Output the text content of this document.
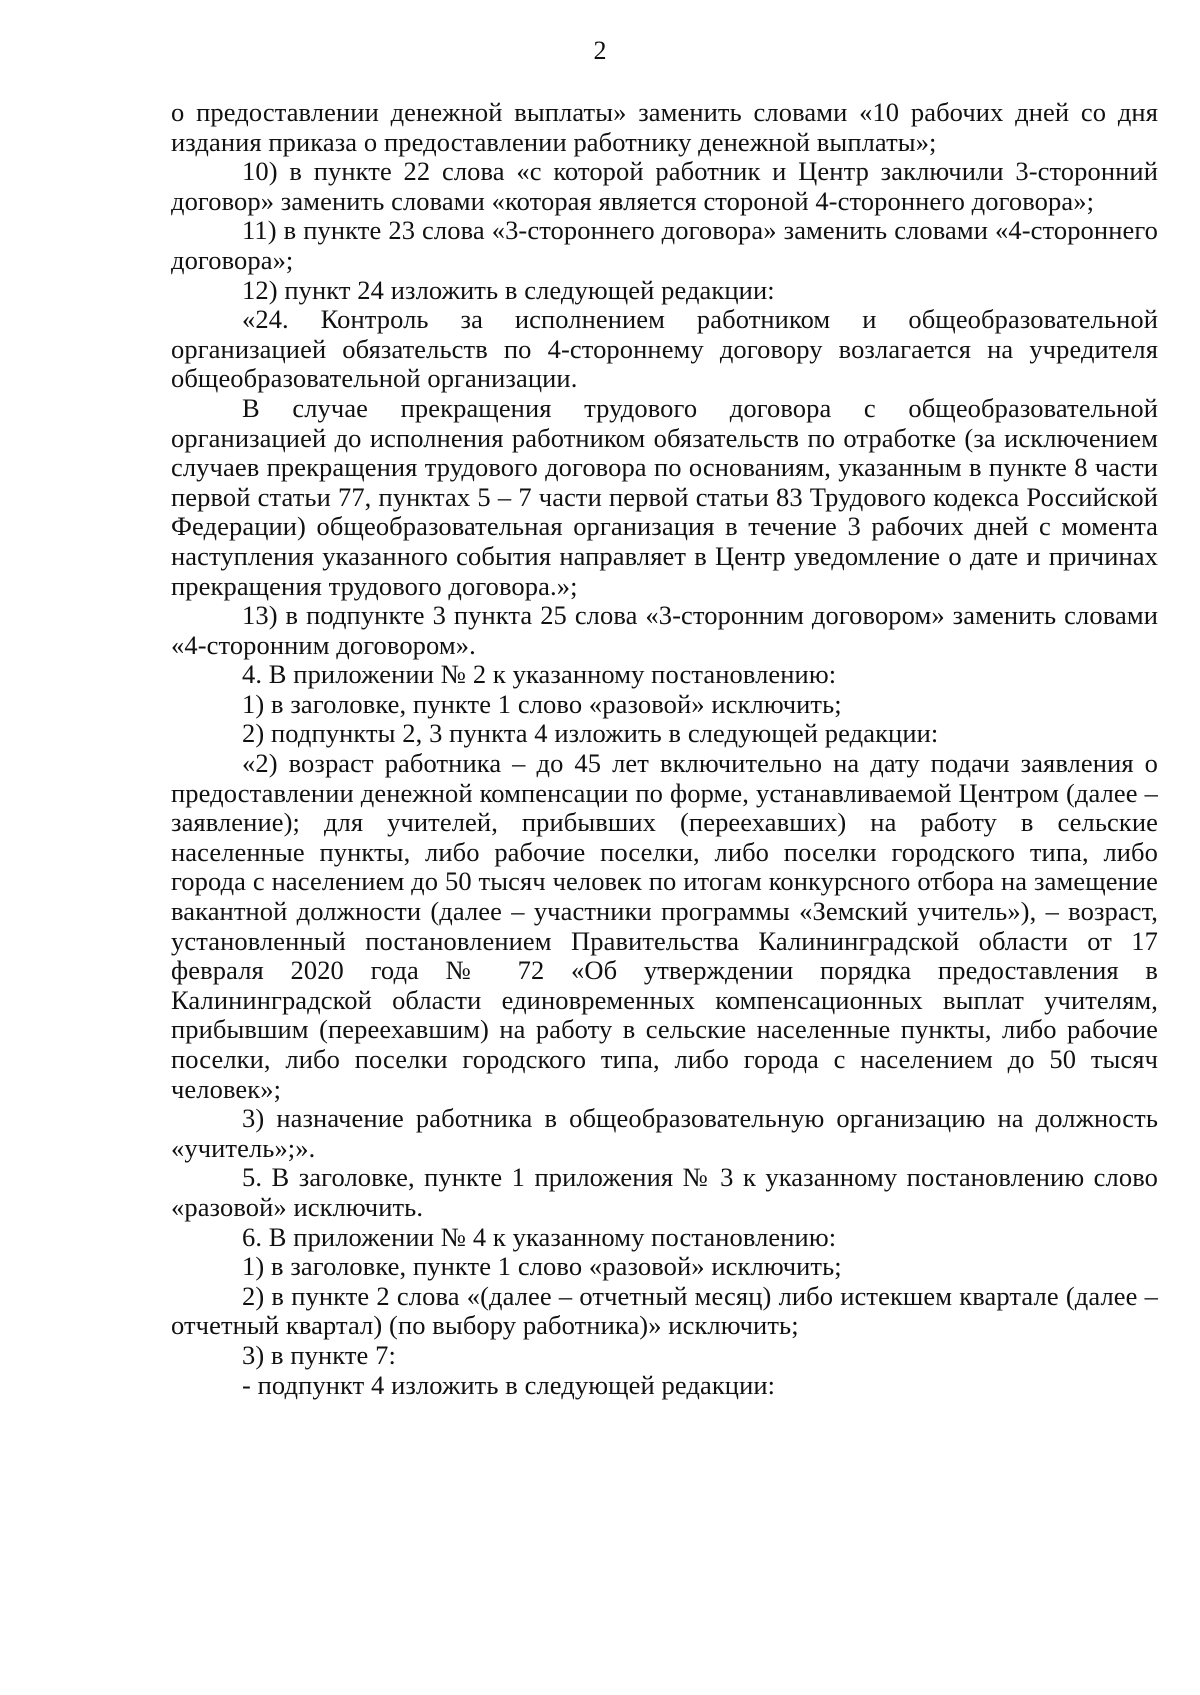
2

о предоставлении денежной выплаты» заменить словами «10 рабочих дней со дня издания приказа о предоставлении работнику денежной выплаты»;

10) в пункте 22 слова «с которой работник и Центр заключили 3-сторонний договор» заменить словами «которая является стороной 4-стороннего договора»;

11) в пункте 23 слова «3-стороннего договора» заменить словами «4-стороннего договора»;

12) пункт 24 изложить в следующей редакции:

«24. Контроль за исполнением работником и общеобразовательной организацией обязательств по 4-стороннему договору возлагается на учредителя общеобразовательной организации.

В случае прекращения трудового договора с общеобразовательной организацией до исполнения работником обязательств по отработке (за исключением случаев прекращения трудового договора по основаниям, указанным в пункте 8 части первой статьи 77, пунктах 5 – 7 части первой статьи 83 Трудового кодекса Российской Федерации) общеобразовательная организация в течение 3 рабочих дней с момента наступления указанного события направляет в Центр уведомление о дате и причинах прекращения трудового договора.»;

13) в подпункте 3 пункта 25 слова «3-сторонним договором» заменить словами «4-сторонним договором».

4. В приложении № 2 к указанному постановлению:

1) в заголовке, пункте 1 слово «разовой» исключить;

2) подпункты 2, 3 пункта 4 изложить в следующей редакции:

«2) возраст работника – до 45 лет включительно на дату подачи заявления о предоставлении денежной компенсации по форме, устанавливаемой Центром (далее – заявление); для учителей, прибывших (переехавших) на работу в сельские населенные пункты, либо рабочие поселки, либо поселки городского типа, либо города с населением до 50 тысяч человек по итогам конкурсного отбора на замещение вакантной должности (далее – участники программы «Земский учитель»), – возраст, установленный постановлением Правительства Калининградской области от 17 февраля 2020 года № 72 «Об утверждении порядка предоставления в Калининградской области единовременных компенсационных выплат учителям, прибывшим (переехавшим) на работу в сельские населенные пункты, либо рабочие поселки, либо поселки городского типа, либо города с населением до 50 тысяч человек»;

3) назначение работника в общеобразовательную организацию на должность «учитель»;».

5. В заголовке, пункте 1 приложения № 3 к указанному постановлению слово «разовой» исключить.

6. В приложении № 4 к указанному постановлению:

1) в заголовке, пункте 1 слово «разовой» исключить;

2) в пункте 2 слова «(далее – отчетный месяц) либо истекшем квартале (далее – отчетный квартал) (по выбору работника)» исключить;

3) в пункте 7:

- подпункт 4 изложить в следующей редакции:
